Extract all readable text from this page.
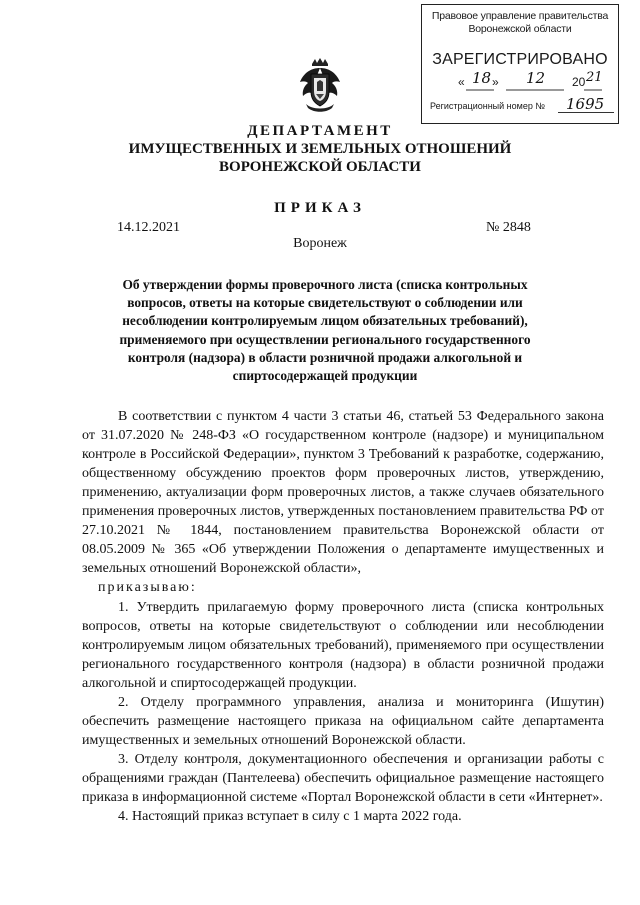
Правовое управление правительства
Воронежской области
ЗАРЕГИСТРИРОВАНО
« 18 » 12 20 21
Регистрационный номер № 1695
ДЕПАРТАМЕНТ
ИМУЩЕСТВЕННЫХ И ЗЕМЕЛЬНЫХ ОТНОШЕНИЙ
ВОРОНЕЖСКОЙ ОБЛАСТИ
ПРИКАЗ
14.12.2021	№ 2848
Воронеж
Об утверждении формы проверочного листа (списка контрольных вопросов, ответы на которые свидетельствуют о соблюдении или несоблюдении контролируемым лицом обязательных требований), применяемого при осуществлении регионального государственного контроля (надзора) в области розничной продажи алкогольной и спиртосодержащей продукции

В соответствии с пунктом 4 части 3 статьи 46, статьей 53 Федерального закона от 31.07.2020 № 248-ФЗ «О государственном контроле (надзоре) и муниципальном контроле в Российской Федерации», пунктом 3 Требований к разработке, содержанию, общественному обсуждению проектов форм проверочных листов, утверждению, применению, актуализации форм проверочных листов, а также случаев обязательного применения проверочных листов, утвержденных постановлением правительства РФ от 27.10.2021 № 1844, постановлением правительства Воронежской области от 08.05.2009 № 365 «Об утверждении Положения о департаменте имущественных и земельных отношений Воронежской области»,

приказываю:

1. Утвердить прилагаемую форму проверочного листа (списка контрольных вопросов, ответы на которые свидетельствуют о соблюдении или несоблюдении контролируемым лицом обязательных требований), применяемого при осуществлении регионального государственного контроля (надзора) в области розничной продажи алкогольной и спиртосодержащей продукции.

2. Отделу программного управления, анализа и мониторинга (Ишутин) обеспечить размещение настоящего приказа на официальном сайте департамента имущественных и земельных отношений Воронежской области.

3. Отделу контроля, документационного обеспечения и организации работы с обращениями граждан (Пантелеева) обеспечить официальное размещение настоящего приказа в информационной системе «Портал Воронежской области в сети «Интернет».

4. Настоящий приказ вступает в силу с 1 марта 2022 года.
